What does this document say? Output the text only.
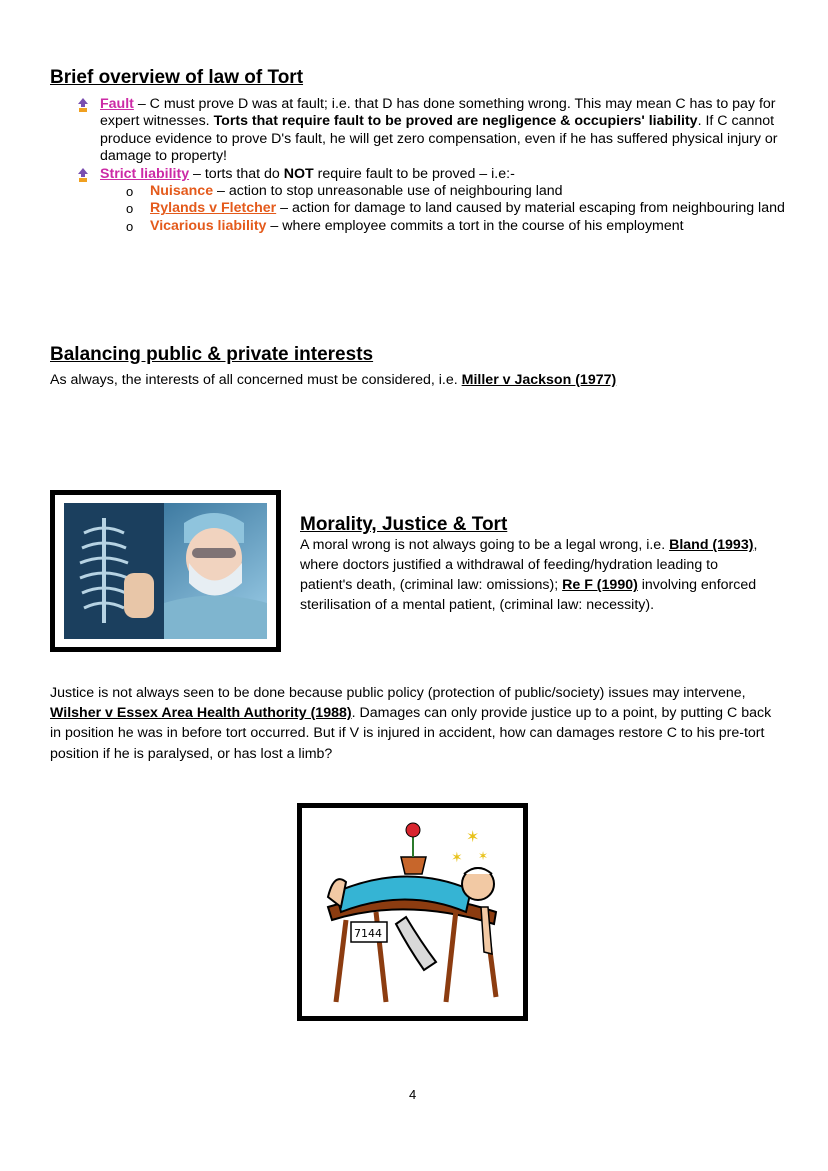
Brief overview of law of Tort
Fault – C must prove D was at fault; i.e. that D has done something wrong. This may mean C has to pay for expert witnesses. Torts that require fault to be proved are negligence & occupiers' liability. If C cannot produce evidence to prove D's fault, he will get zero compensation, even if he has suffered physical injury or damage to property!
Strict liability – torts that do NOT require fault to be proved – i.e:-
o Nuisance – action to stop unreasonable use of neighbouring land
o Rylands v Fletcher – action for damage to land caused by material escaping from neighbouring land
o Vicarious liability – where employee commits a tort in the course of his employment
Balancing public & private interests
As always, the interests of all concerned must be considered, i.e. Miller v Jackson (1977)
Morality, Justice & Tort

A moral wrong is not always going to be a legal wrong, i.e. Bland (1993), where doctors justified a withdrawal of feeding/hydration leading to patient's death, (criminal law: omissions); Re F (1990) involving enforced sterilisation of a mental patient, (criminal law: necessity).

Justice is not always seen to be done because public policy (protection of public/society) issues may intervene, Wilsher v Essex Area Health Authority (1988). Damages can only provide justice up to a point, by putting C back in position he was in before tort occurred. But if V is injured in accident, how can damages restore C to his pre-tort position if he is paralysed, or has lost a limb?
✶
✶ ✶
7144
4
